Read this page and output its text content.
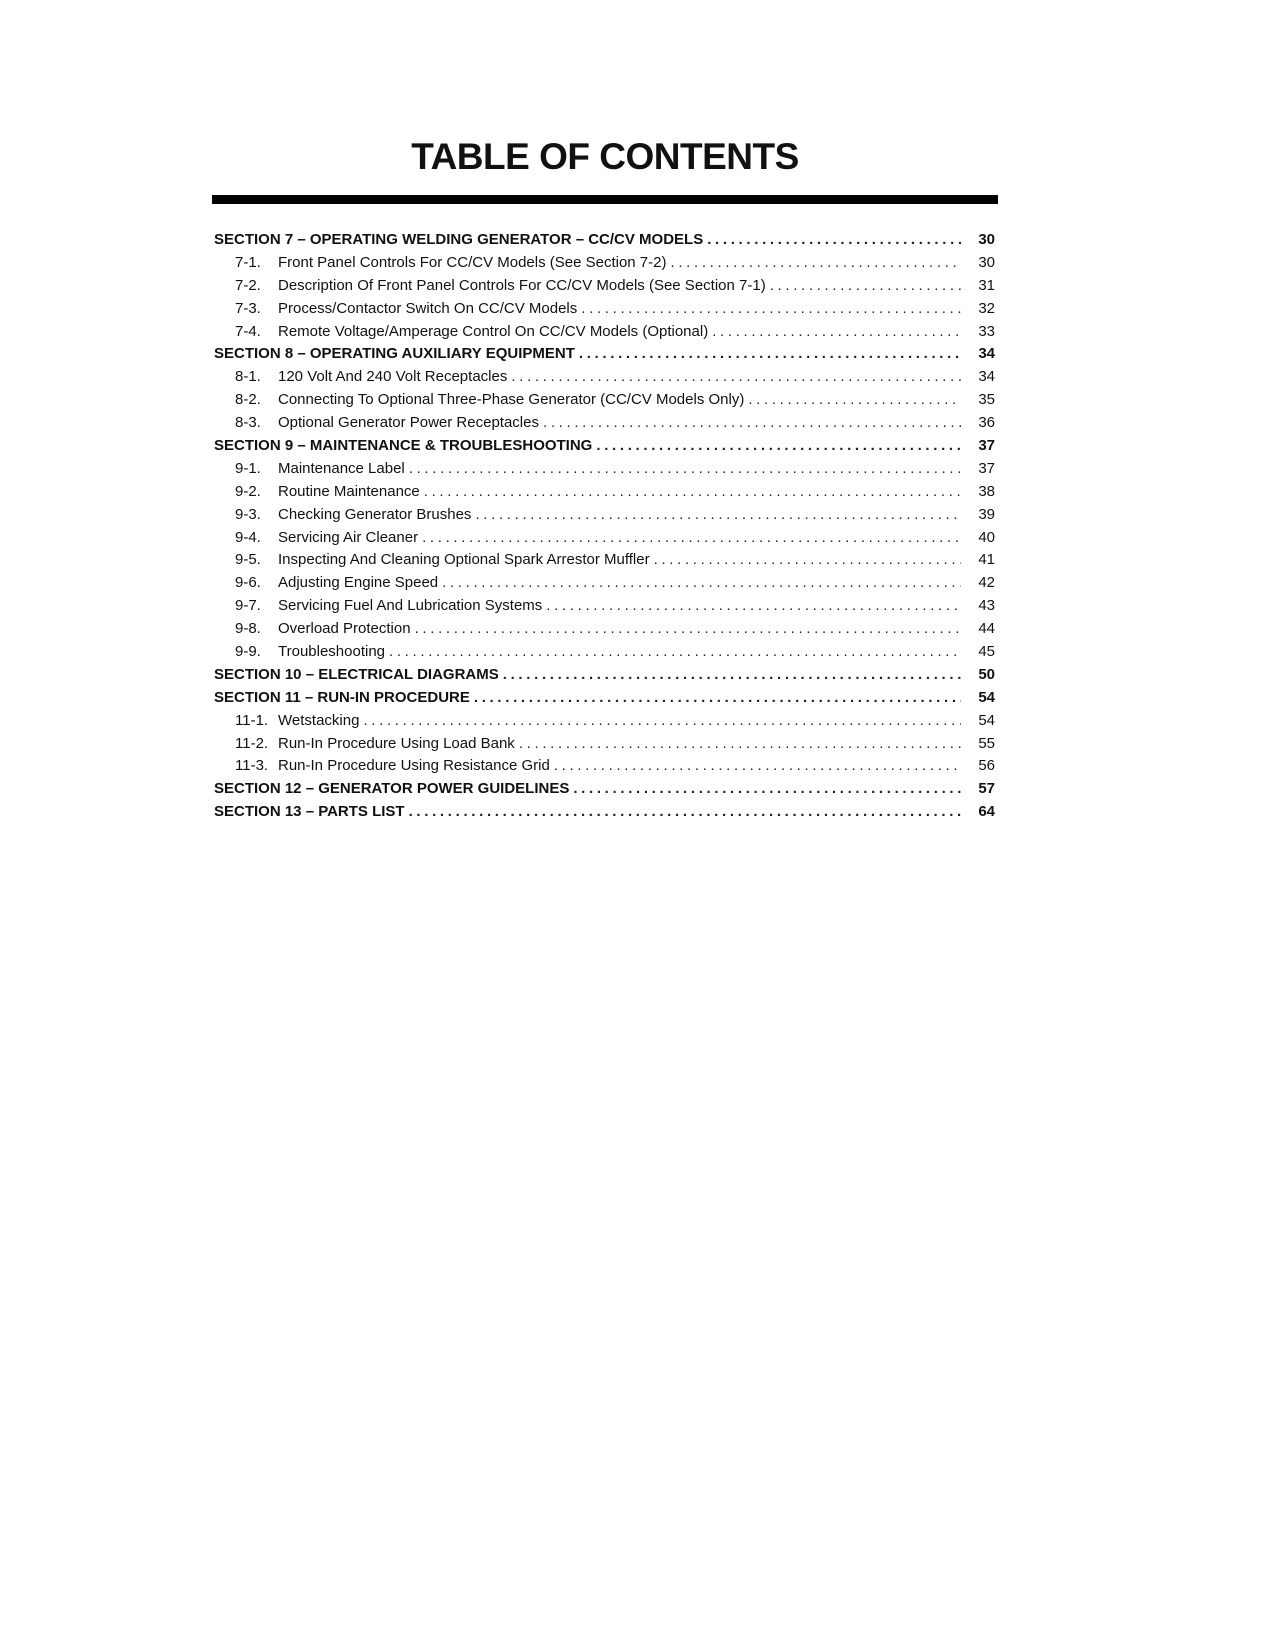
TABLE OF CONTENTS
SECTION 7 – OPERATING WELDING GENERATOR – CC/CV MODELS . . .	30
7-1.	Front Panel Controls For CC/CV Models (See Section 7-2) . . .	30
7-2.	Description Of Front Panel Controls For CC/CV Models (See Section 7-1) . . .	31
7-3.	Process/Contactor Switch On CC/CV Models . . .	32
7-4.	Remote Voltage/Amperage Control On CC/CV Models (Optional) . . .	33
SECTION 8 – OPERATING AUXILIARY EQUIPMENT . . .	34
8-1.	120 Volt And 240 Volt Receptacles . . .	34
8-2.	Connecting To Optional Three-Phase Generator (CC/CV Models Only) . . .	35
8-3.	Optional Generator Power Receptacles . . .	36
SECTION 9 – MAINTENANCE & TROUBLESHOOTING . . .	37
9-1.	Maintenance Label . . .	37
9-2.	Routine Maintenance . . .	38
9-3.	Checking Generator Brushes . . .	39
9-4.	Servicing Air Cleaner . . .	40
9-5.	Inspecting And Cleaning Optional Spark Arrestor Muffler . . .	41
9-6.	Adjusting Engine Speed . . .	42
9-7.	Servicing Fuel And Lubrication Systems . . .	43
9-8.	Overload Protection . . .	44
9-9.	Troubleshooting . . .	45
SECTION 10 – ELECTRICAL DIAGRAMS . . .	50
SECTION 11 – RUN-IN PROCEDURE . . .	54
11-1. Wetstacking . . .	54
11-2. Run-In Procedure Using Load Bank . . .	55
11-3. Run-In Procedure Using Resistance Grid . . .	56
SECTION 12 – GENERATOR POWER GUIDELINES . . .	57
SECTION 13 – PARTS LIST . . .	64
